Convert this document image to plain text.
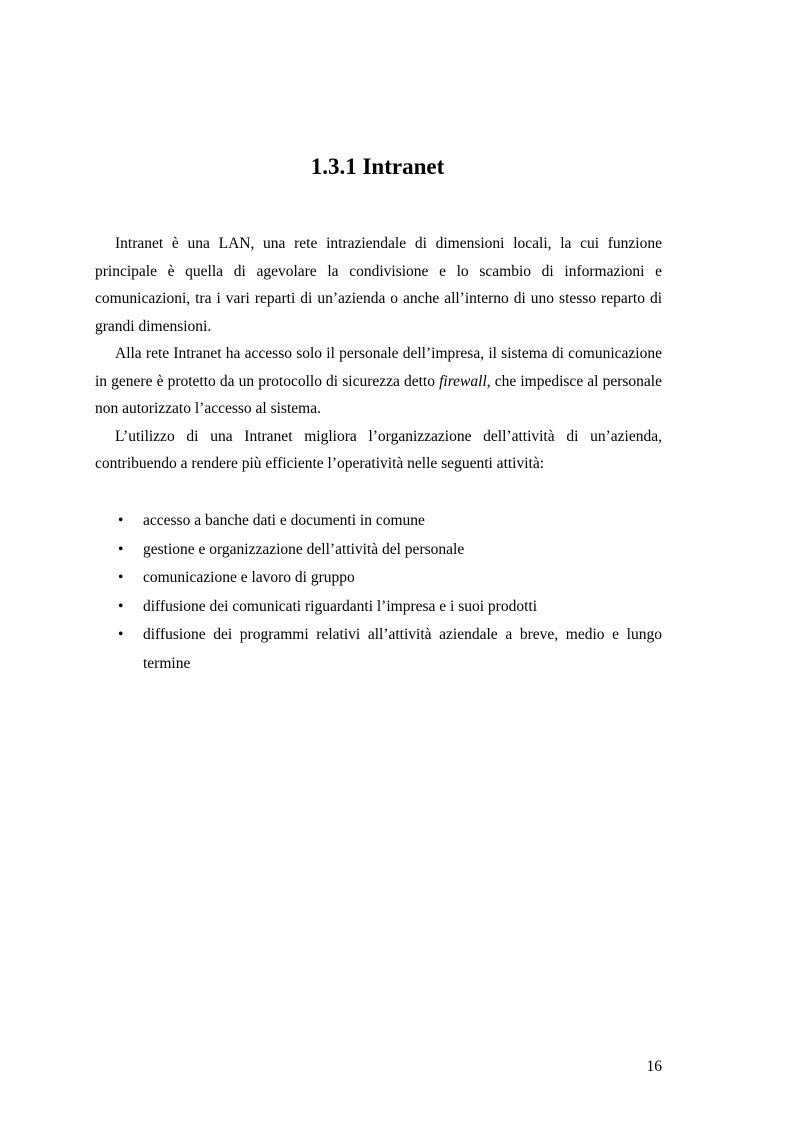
1.3.1 Intranet

Intranet è una LAN, una rete intraziendale di dimensioni locali, la cui funzione principale è quella di agevolare la condivisione e lo scambio di informazioni e comunicazioni, tra i vari reparti di un’azienda o anche all’interno di uno stesso reparto di grandi dimensioni.

Alla rete Intranet ha accesso solo il personale dell’impresa, il sistema di comunicazione in genere è protetto da un protocollo di sicurezza detto firewall, che impedisce al personale non autorizzato l’accesso al sistema.

L’utilizzo di una Intranet migliora l’organizzazione dell’attività di un’azienda, contribuendo a rendere più efficiente l’operatività nelle seguenti attività:

• accesso a banche dati e documenti in comune
• gestione e organizzazione dell’attività del personale
• comunicazione e lavoro di gruppo
• diffusione dei comunicati riguardanti l’impresa e i suoi prodotti
• diffusione dei programmi relativi all’attività aziendale a breve, medio e lungo termine
16
